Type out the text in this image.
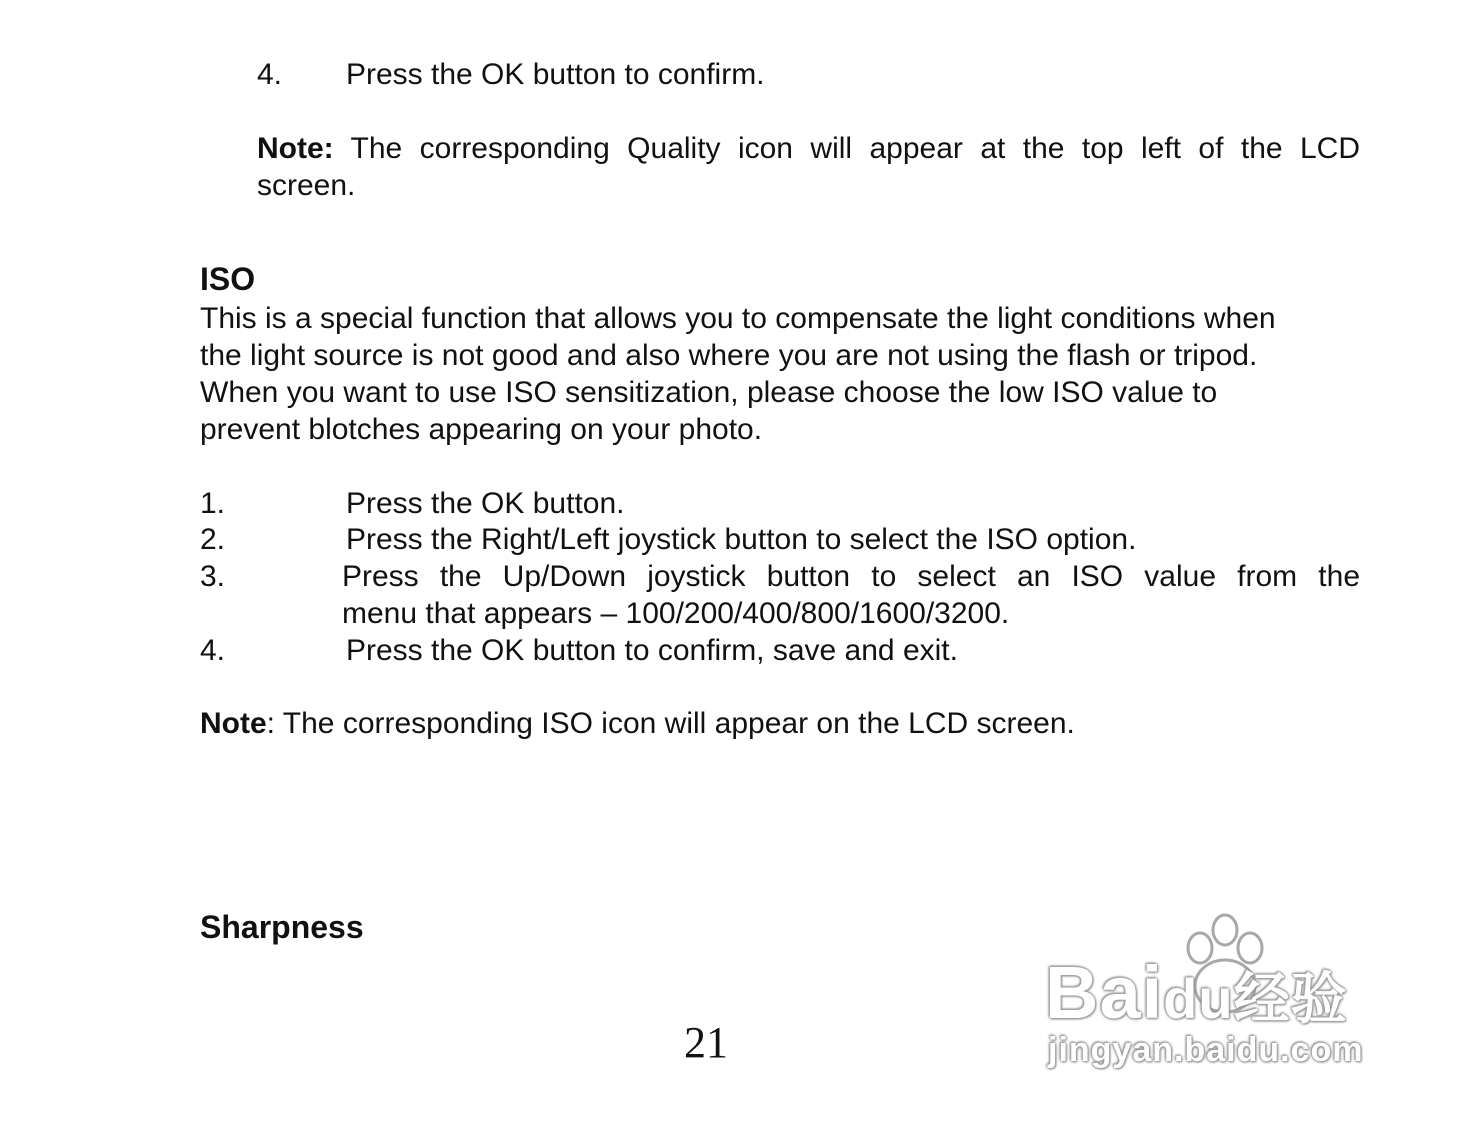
4. Press the OK button to confirm.
Note: The corresponding Quality icon will appear at the top left of the LCD
screen.
ISO
This is a special function that allows you to compensate the light conditions when
the light source is not good and also where you are not using the flash or tripod.
When you want to use ISO sensitization, please choose the low ISO value to
prevent blotches appearing on your photo.
1.	Press the OK button.
2.	Press the Right/Left joystick button to select the ISO option.
3.	Press the Up/Down joystick button to select an ISO value from the
menu that appears – 100/200/400/800/1600/3200.
4.	Press the OK button to confirm, save and exit.
Note: The corresponding ISO icon will appear on the LCD screen.
Sharpness
21
Baidu经验
jingyan.baidu.com
